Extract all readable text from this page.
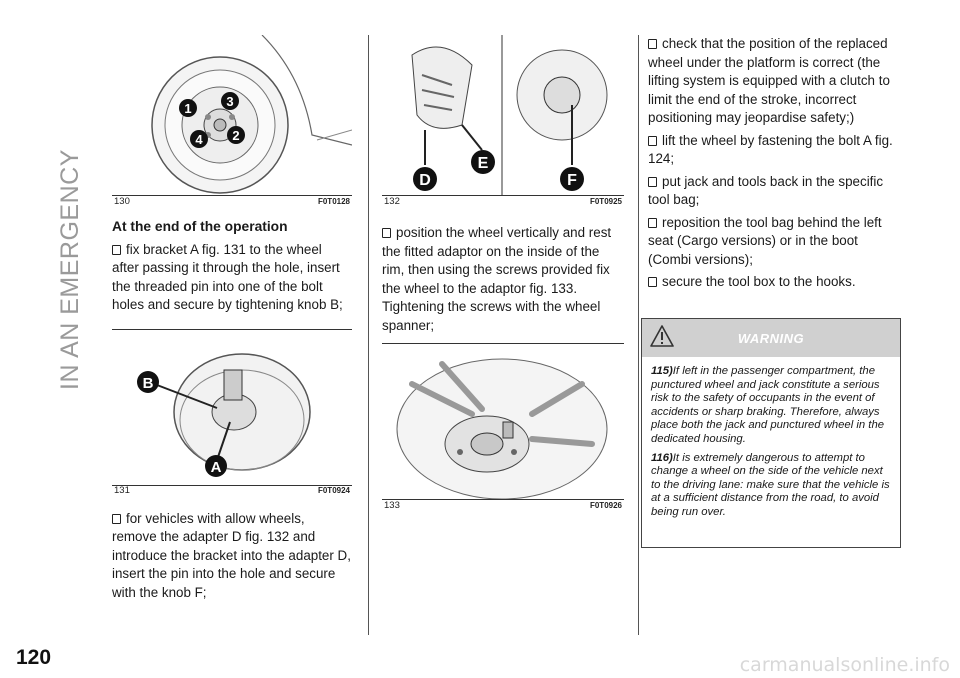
IN AN EMERGENCY
120
1	3
2
4
130	F0T0128

At the end of the operation

fix bracket A fig. 131 to the wheel after passing it through the hole, insert the threaded pin into one of the bolt holes and secure by tightening knob B;

B
A
131	F0T0924

for vehicles with allow wheels, remove the adapter D fig. 132 and introduce the bracket into the adapter D, insert the pin into the hole and secure with the knob F;

D
E
F
132	F0T0925

position the wheel vertically and rest the fitted adaptor on the inside of the rim, then using the screws provided fix the wheel to the adaptor fig. 133. Tightening the screws with the wheel spanner;

133	F0T0926

check that the position of the replaced wheel under the platform is correct (the lifting system is equipped with a clutch to limit the end of the stroke, incorrect positioning may jeopardise safety;)

lift the wheel by fastening the bolt A fig. 124;

put jack and tools back in the specific tool bag;

reposition the tool bag behind the left seat (Cargo versions) or in the boot (Combi versions);

secure the tool box to the hooks.

WARNING

115)If left in the passenger compartment, the punctured wheel and jack constitute a serious risk to the safety of occupants in the event of accidents or sharp braking. Therefore, always place both the jack and punctured wheel in the dedicated housing.

116)It is extremely dangerous to attempt to change a wheel on the side of the vehicle next to the driving lane: make sure that the vehicle is at a sufficient distance from the road, to avoid being run over.

carmanualsonline.info
